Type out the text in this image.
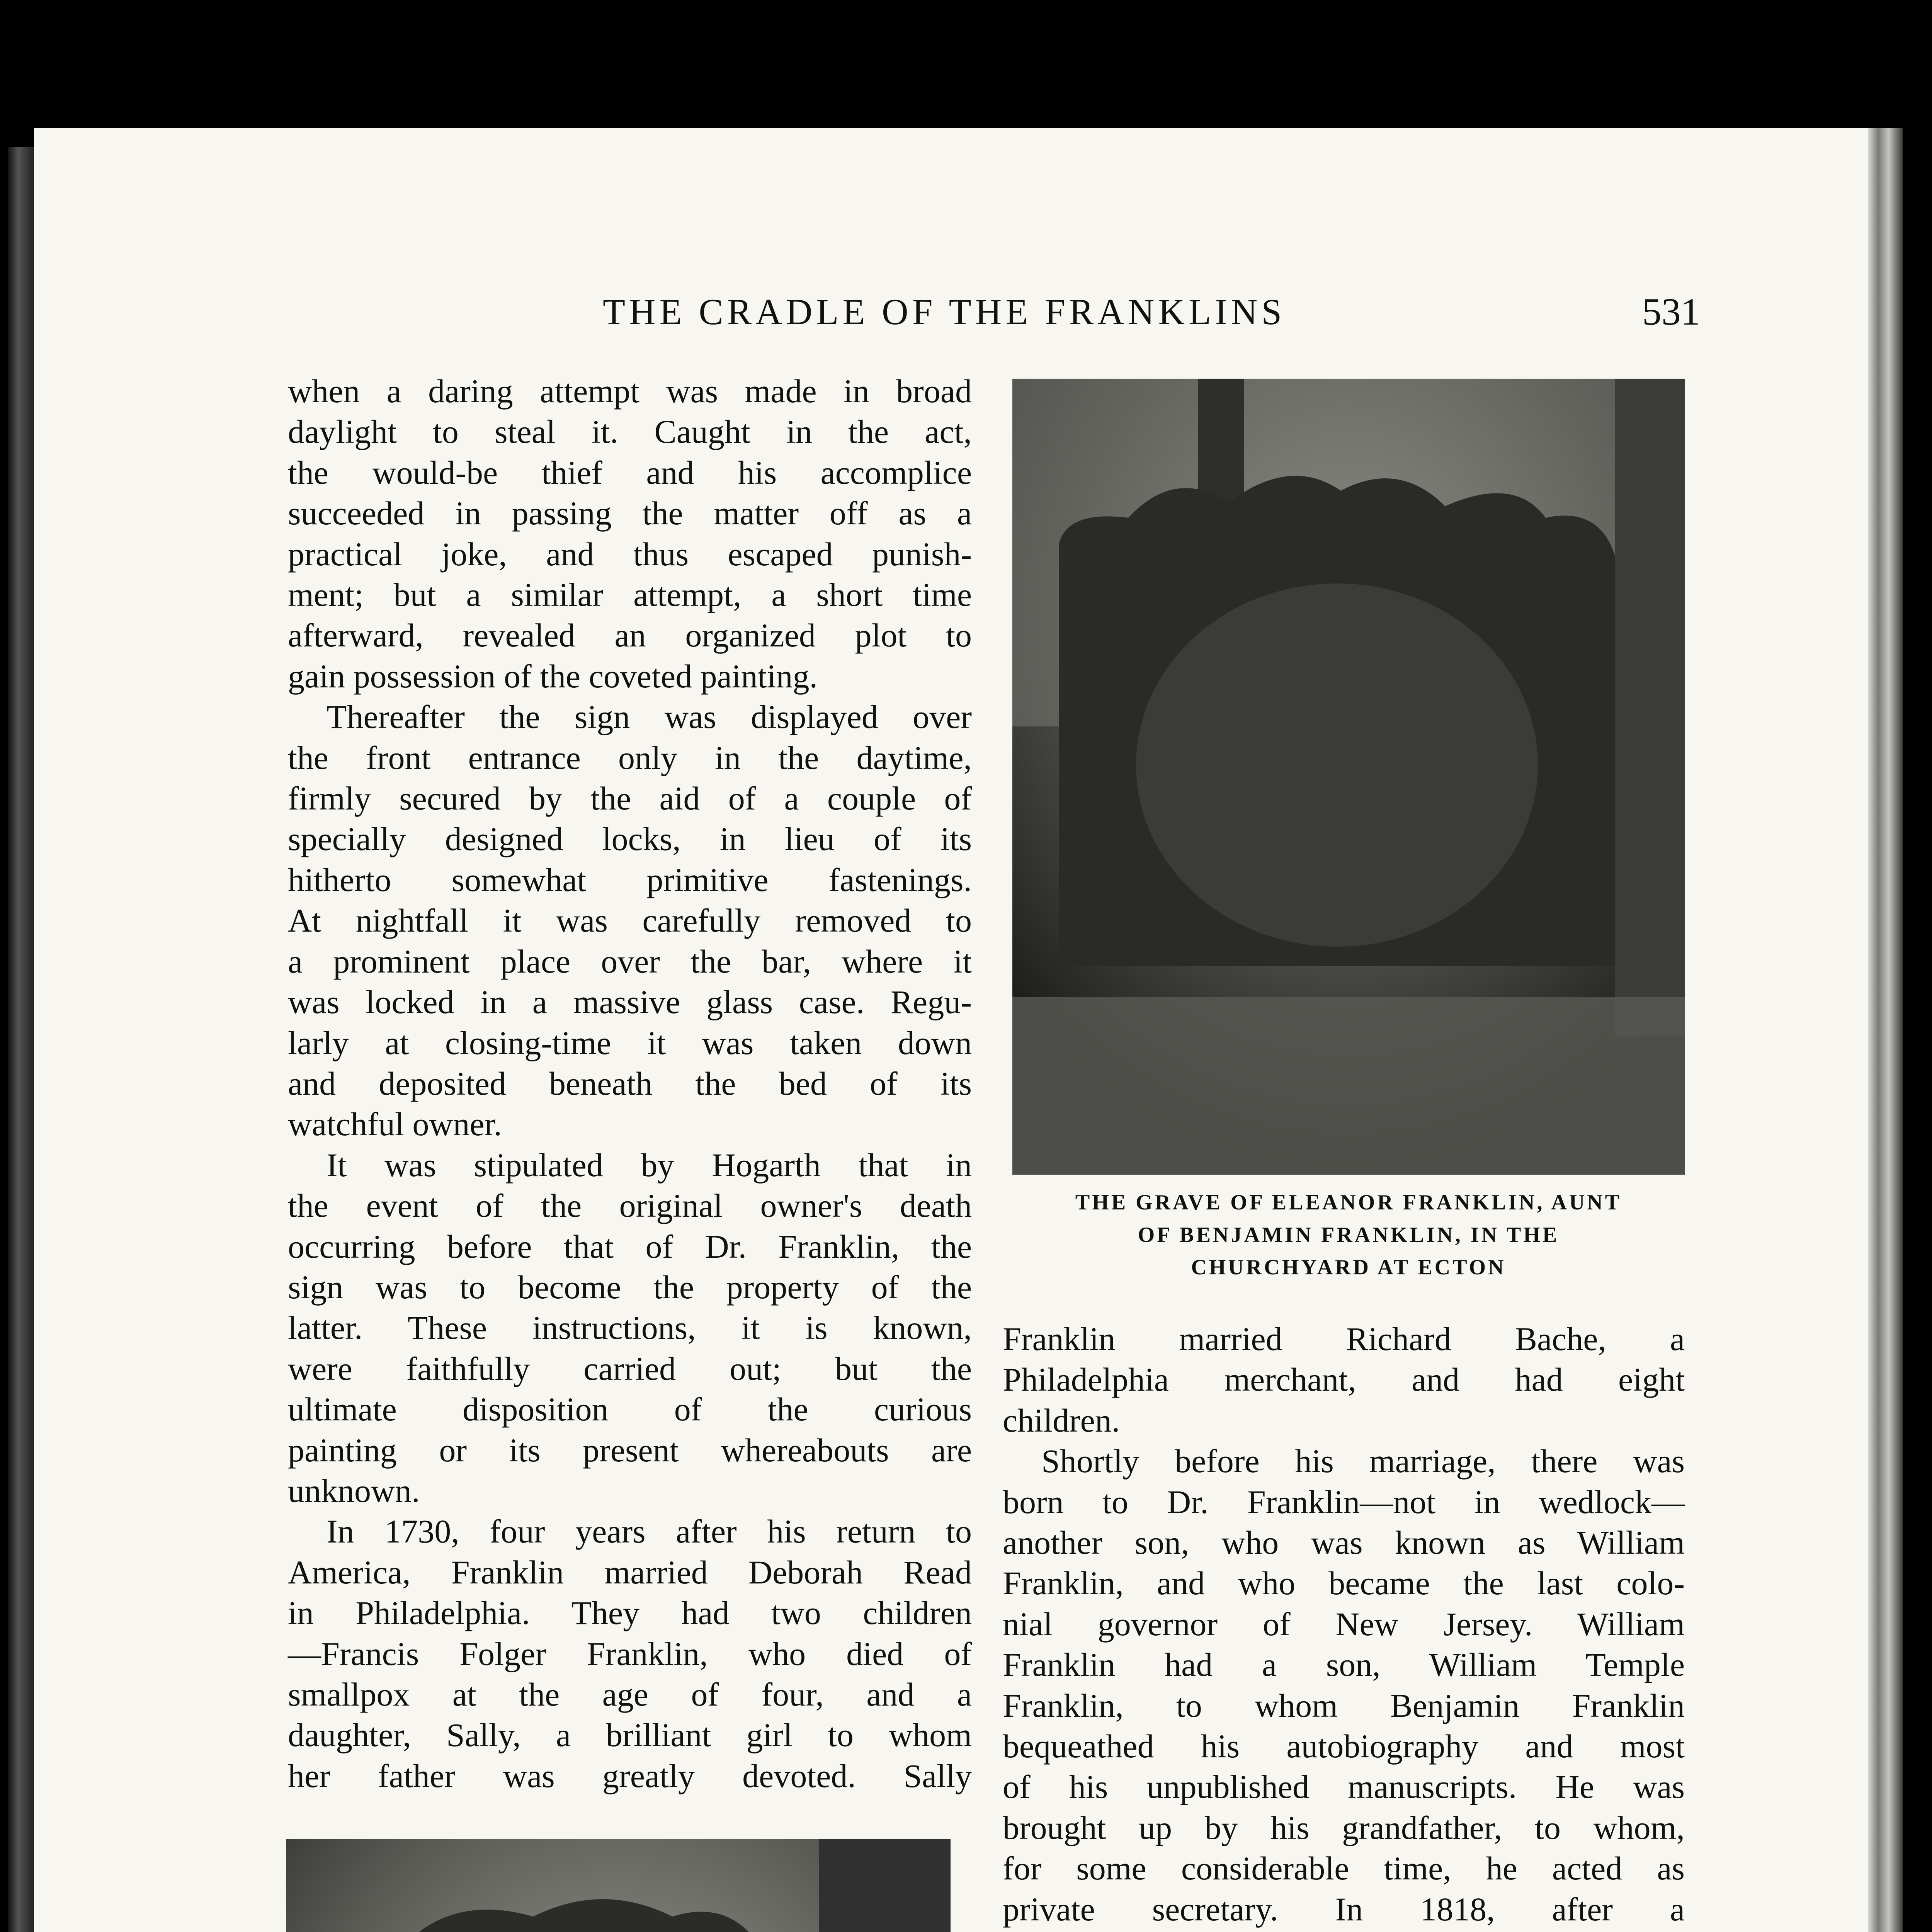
THE CRADLE OF THE FRANKLINS	531
when a daring attempt was made in broad
daylight to steal it. Caught in the act,
the would-be thief and his accomplice
succeeded in passing the matter off as a
practical joke, and thus escaped punish-
ment; but a similar attempt, a short time
afterward, revealed an organized plot to
gain possession of the coveted painting.
Thereafter the sign was displayed over
the front entrance only in the daytime,
firmly secured by the aid of a couple of
specially designed locks, in lieu of its
hitherto somewhat primitive fastenings.
At nightfall it was carefully removed to
a prominent place over the bar, where it
was locked in a massive glass case. Regu-
larly at closing-time it was taken down
and deposited beneath the bed of its
watchful owner.
It was stipulated by Hogarth that in
the event of the original owner's death
occurring before that of Dr. Franklin, the
sign was to become the property of the
latter. These instructions, it is known,
were faithfully carried out; but the
ultimate disposition of the curious
painting or its present whereabouts are
unknown.
In 1730, four years after his return to
America, Franklin married Deborah Read
in Philadelphia. They had two children
—Francis Folger Franklin, who died of
smallpox at the age of four, and a
daughter, Sally, a brilliant girl to whom
her father was greatly devoted. Sally
THE GRAVE OF ELEANOR FRANKLIN, AUNT
OF BENJAMIN FRANKLIN, IN THE
CHURCHYARD AT ECTON
Franklin married Richard Bache, a
Philadelphia merchant, and had eight
children.
Shortly before his marriage, there was
born to Dr. Franklin—not in wedlock—
another son, who was known as William
Franklin, and who became the last colo-
nial governor of New Jersey. William
Franklin had a son, William Temple
Franklin, to whom Benjamin Franklin
bequeathed his autobiography and most
of his unpublished manuscripts. He was
brought up by his grandfather, to whom,
for some considerable time, he acted as
private secretary. In 1818, after a
